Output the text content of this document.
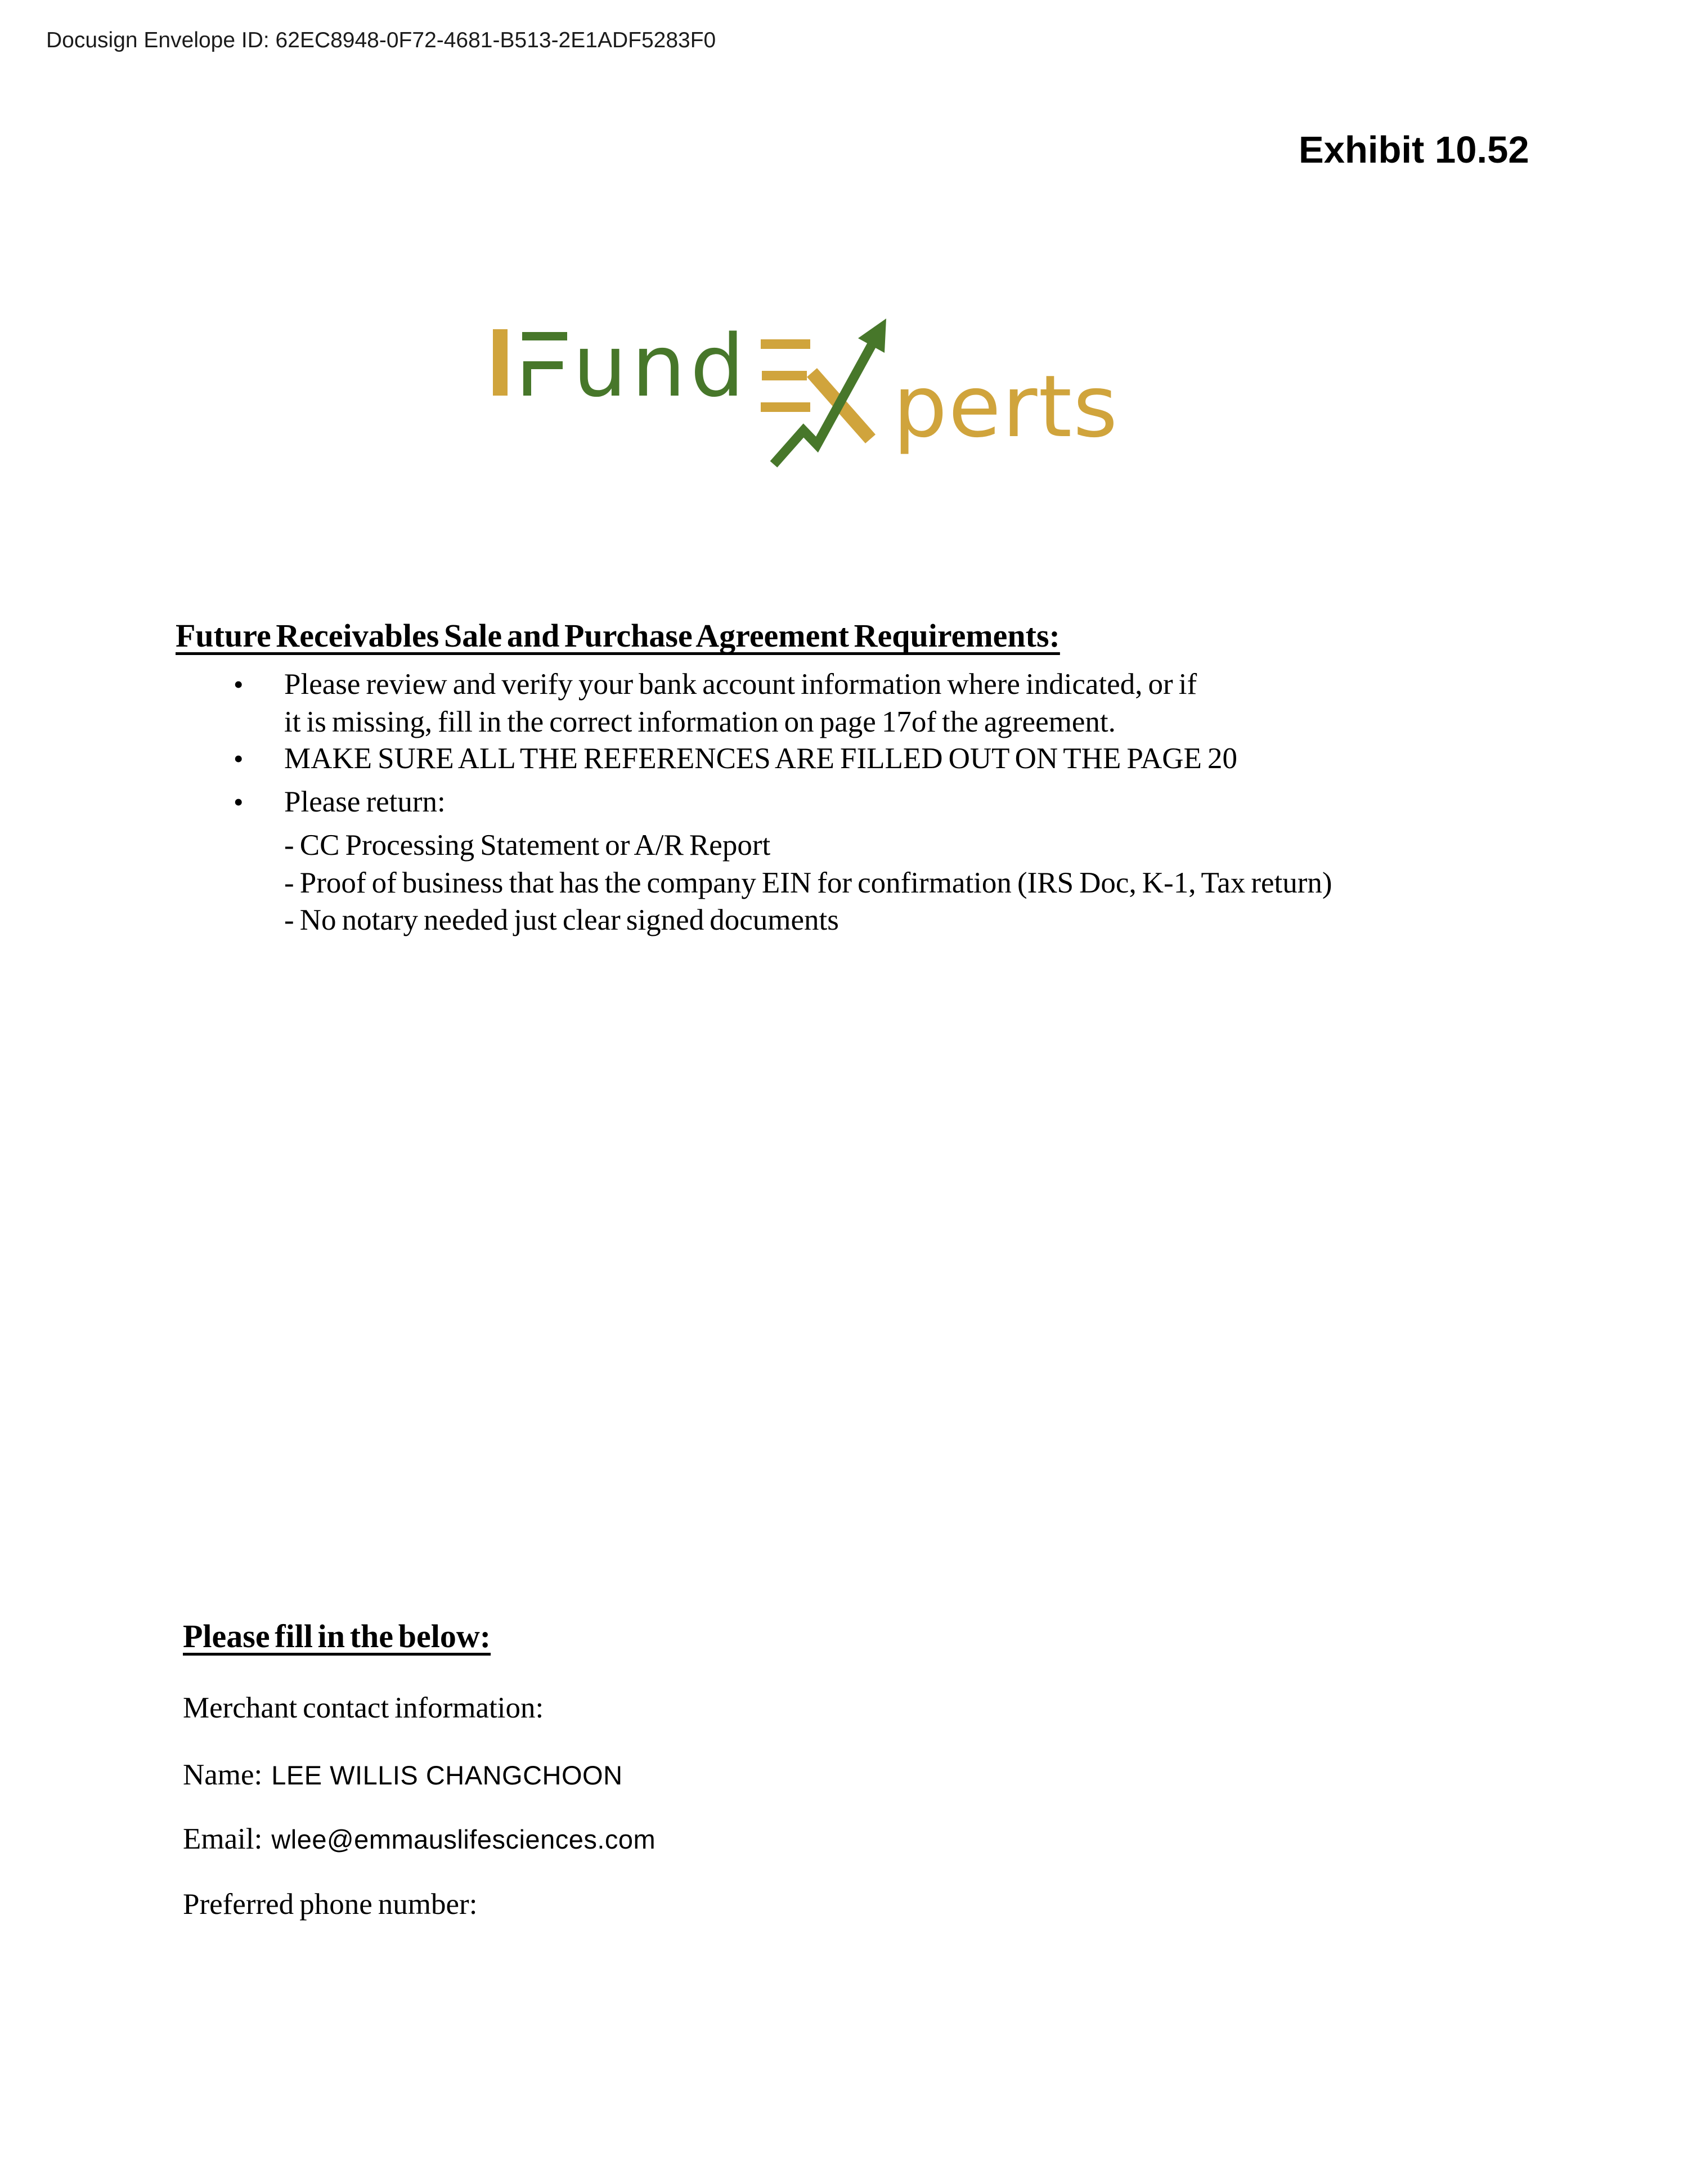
Docusign Envelope ID: 62EC8948-0F72-4681-B513-2E1ADF5283F0
Exhibit 10.52
und perts
Future Receivables Sale and Purchase Agreement Requirements:
• Please review and verify your bank account information where indicated, or if
it is missing, fill in the correct information on page 17of the agreement.
• MAKE SURE ALL THE REFERENCES ARE FILLED OUT ON THE PAGE 20
• Please return:
- CC Processing Statement or A/R Report
- Proof of business that has the company EIN for confirmation (IRS Doc, K-1, Tax return)
- No notary needed just clear signed documents
Please fill in the below:
Merchant contact information:
Name: LEE WILLIS CHANGCHOON
Email: wlee@emmauslifesciences.com
Preferred phone number:
